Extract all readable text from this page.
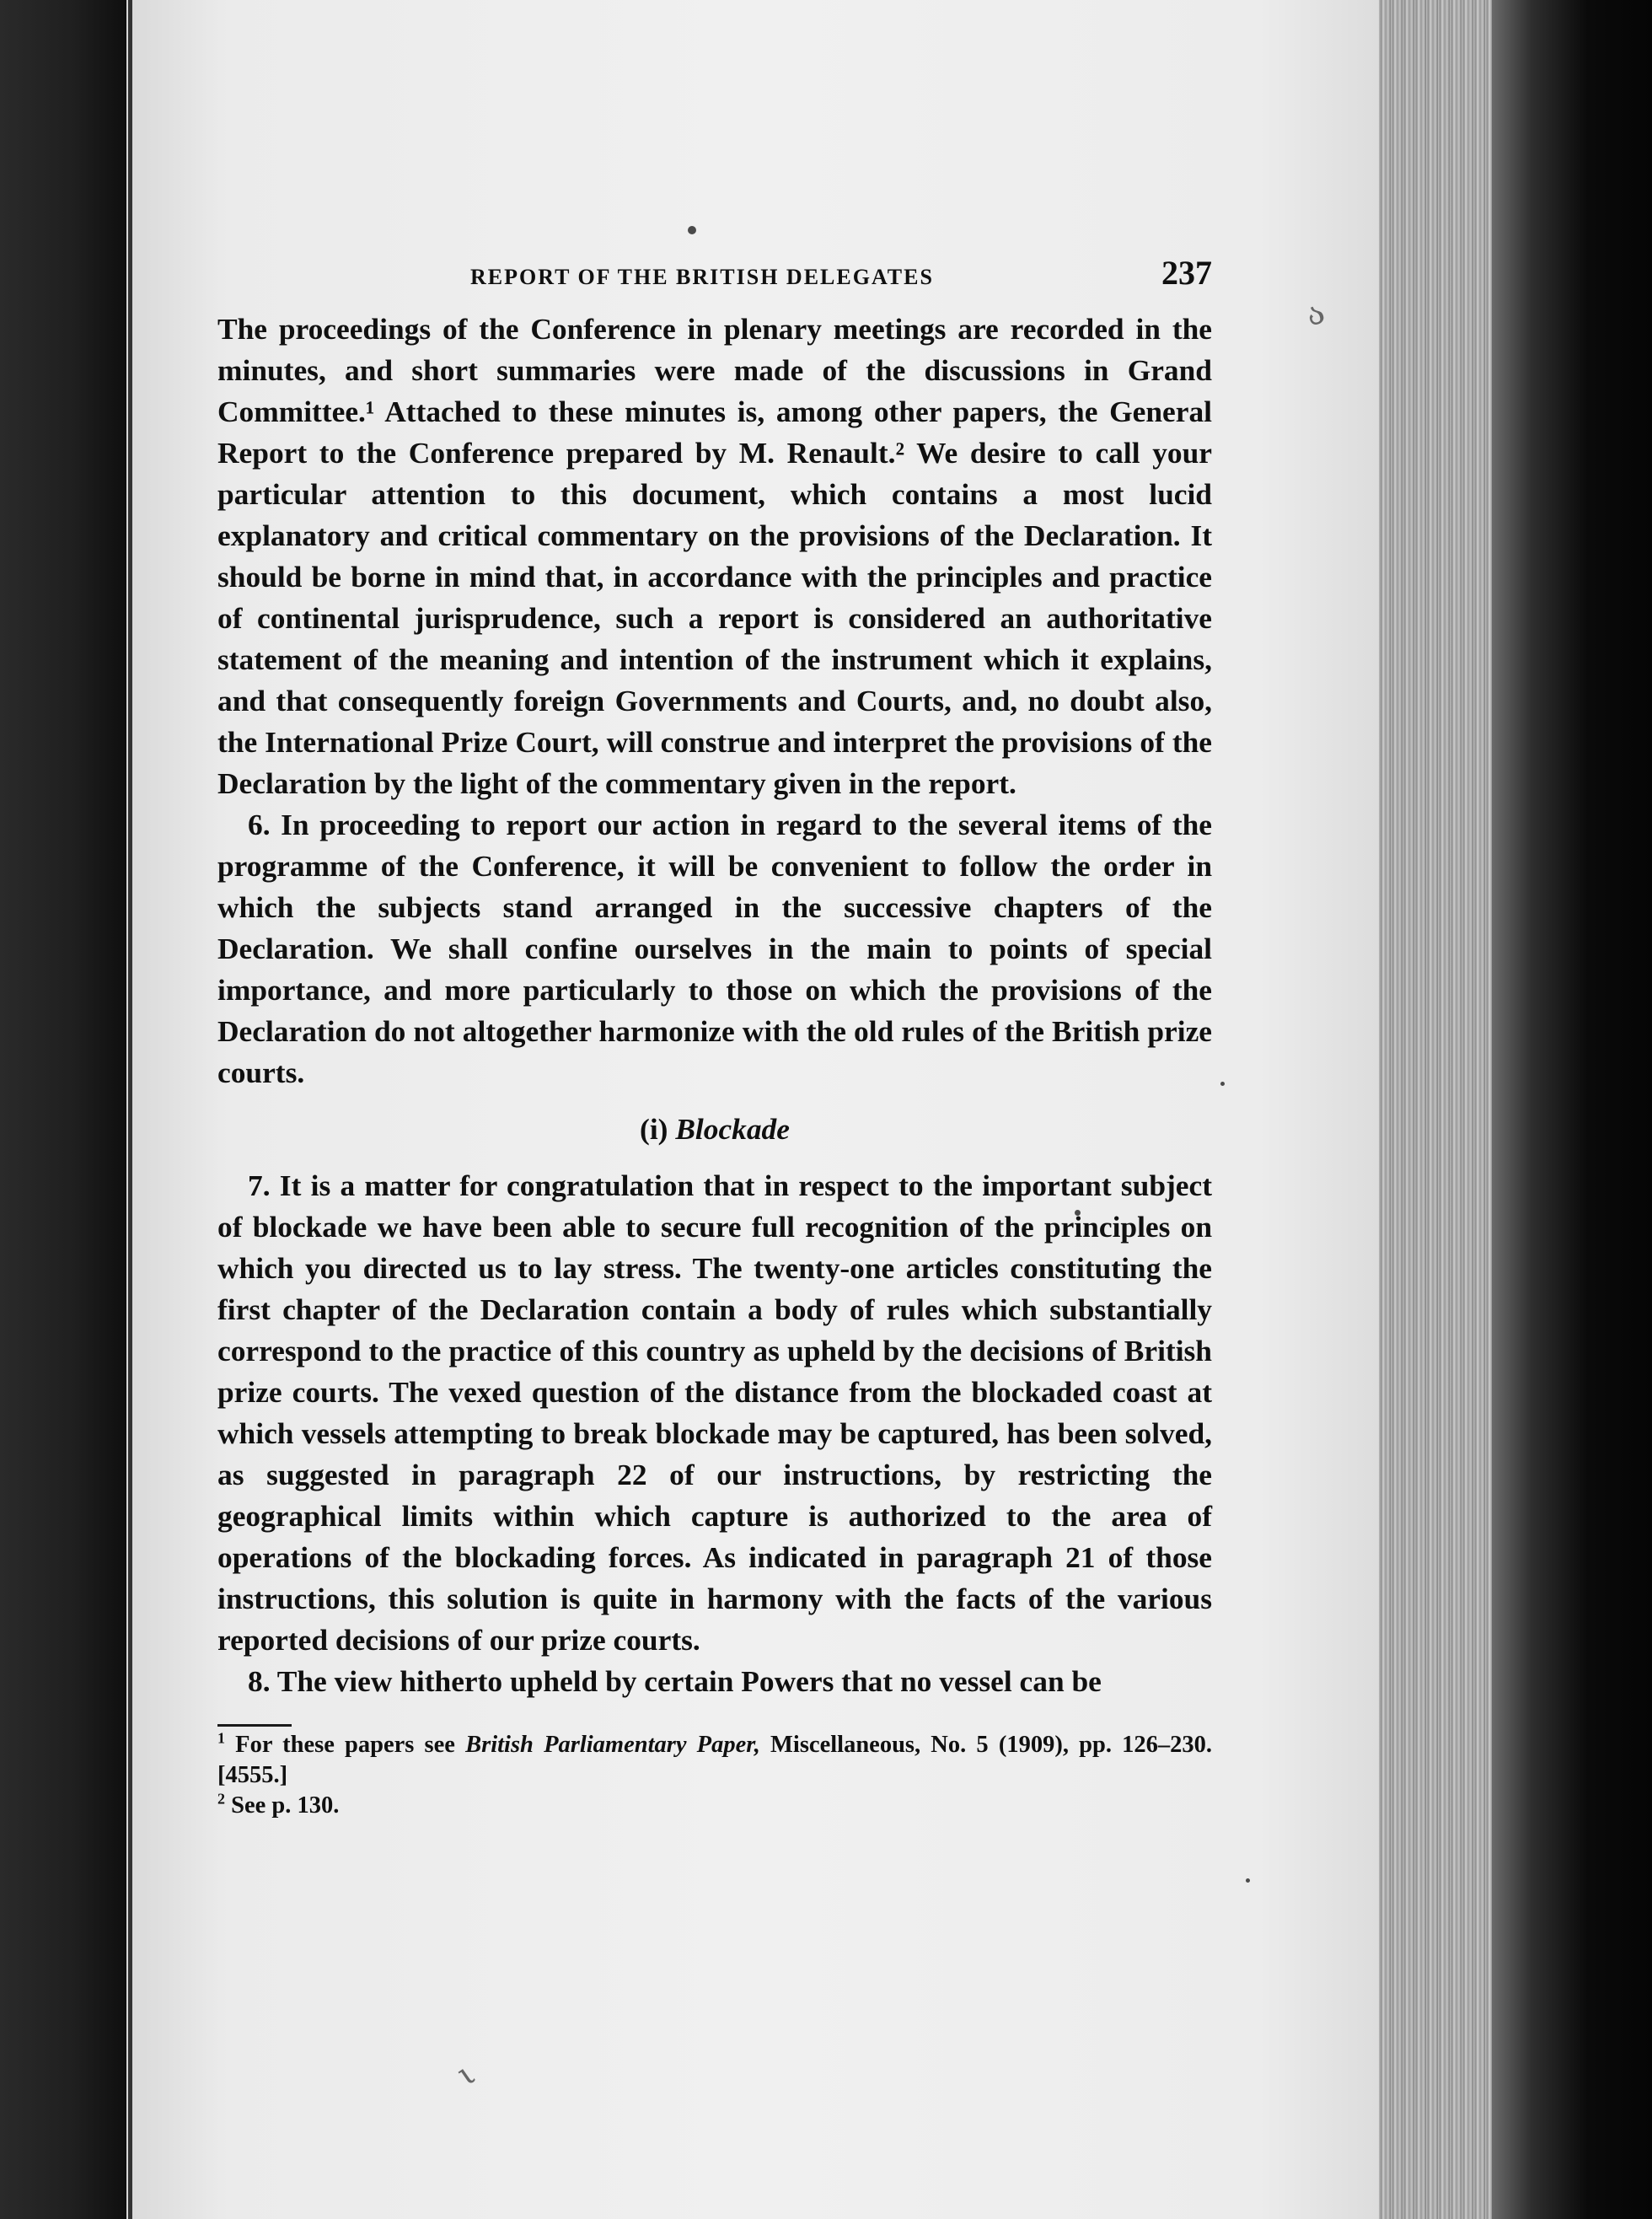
ა
ι
REPORT OF THE BRITISH DELEGATES	237

The proceedings of the Conference in plenary meetings are recorded in the minutes, and short summaries were made of the discussions in Grand Committee.¹ Attached to these minutes is, among other papers, the General Report to the Conference prepared by M. Renault.² We desire to call your particular attention to this document, which contains a most lucid explanatory and critical commentary on the provisions of the Declaration. It should be borne in mind that, in accordance with the principles and practice of continental jurisprudence, such a report is considered an authoritative statement of the meaning and intention of the instrument which it explains, and that consequently foreign Governments and Courts, and, no doubt also, the International Prize Court, will construe and interpret the provisions of the Declaration by the light of the commentary given in the report.

6. In proceeding to report our action in regard to the several items of the programme of the Conference, it will be convenient to follow the order in which the subjects stand arranged in the successive chapters of the Declaration. We shall confine ourselves in the main to points of special importance, and more particularly to those on which the provisions of the Declaration do not altogether harmonize with the old rules of the British prize courts.

(i) Blockade

7. It is a matter for congratulation that in respect to the important subject of blockade we have been able to secure full recognition of the principles on which you directed us to lay stress. The twenty-one articles constituting the first chapter of the Declaration contain a body of rules which substantially correspond to the practice of this country as upheld by the decisions of British prize courts. The vexed question of the distance from the blockaded coast at which vessels attempting to break blockade may be captured, has been solved, as suggested in paragraph 22 of our instructions, by restricting the geographical limits within which capture is authorized to the area of operations of the blockading forces. As indicated in paragraph 21 of those instructions, this solution is quite in harmony with the facts of the various reported decisions of our prize courts.

8. The view hitherto upheld by certain Powers that no vessel can be

$^1$ For these papers see British Parliamentary Paper, Miscellaneous, No. 5 (1909), pp. 126–230. [4555.]

$^2$ See p. 130.
